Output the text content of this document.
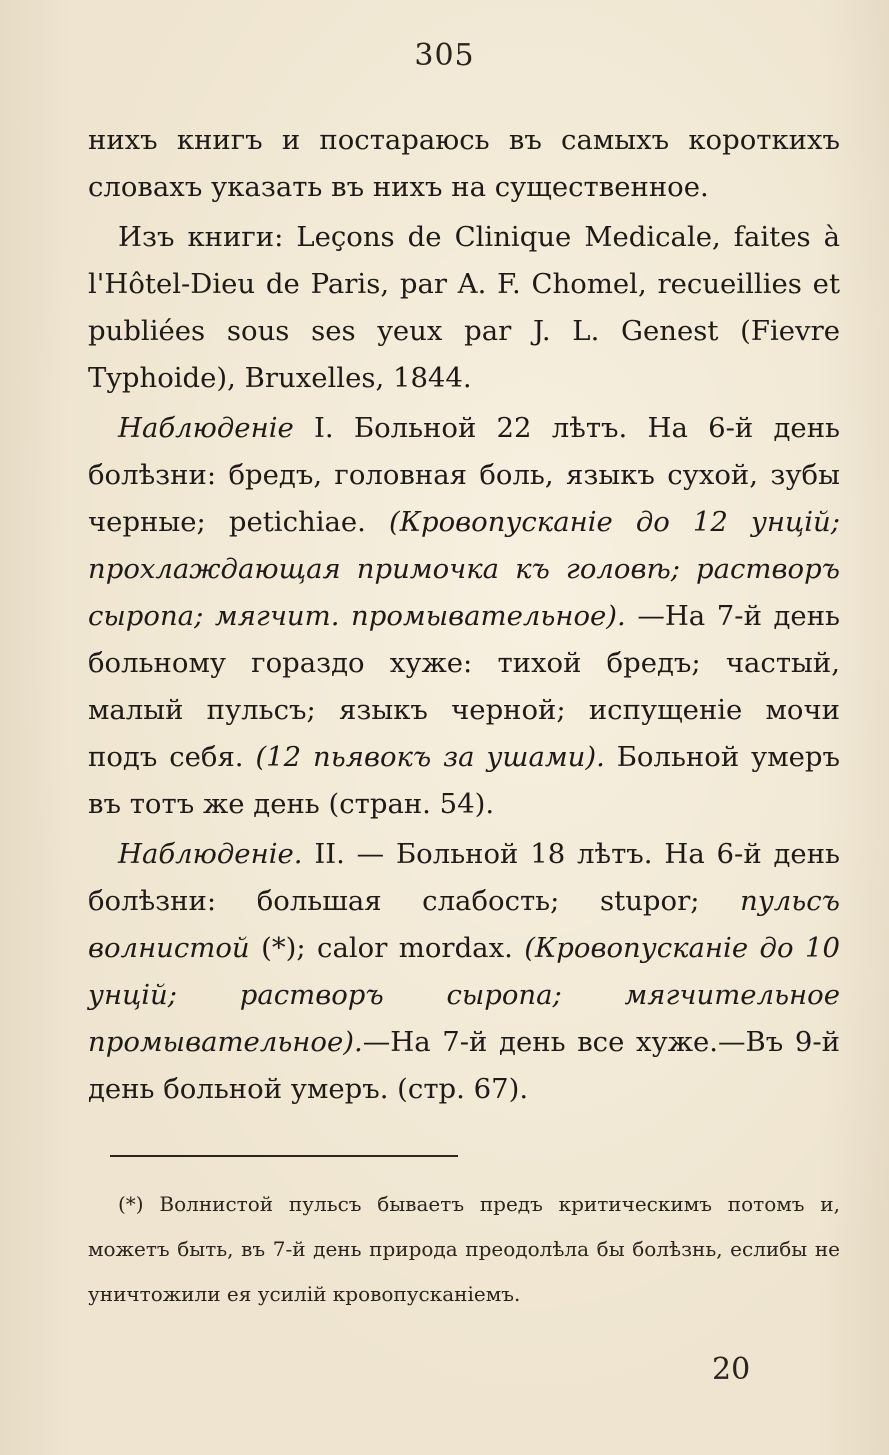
305

нихъ книгъ и постараюсь въ самыхъ короткихъ словахъ указать въ нихъ на существенное.

Изъ книги: Leçons de Clinique Medicale, faites à l'Hôtel-Dieu de Paris, par A. F. Chomel, recueillies et publiées sous ses yeux par J. L. Genest (Fievre Typhoide), Bruxelles, 1844.

Наблюденіе I. Больной 22 лѣтъ. На 6-й день болѣзни: бредъ, головная боль, языкъ сухой, зубы черные; petichiae. (Кровопусканіе до 12 унцій; прохлаждающая примочка къ головѣ; растворъ сыропа; мягчит. промывательное). —На 7-й день больному гораздо хуже: тихой бредъ; частый, малый пульсъ; языкъ черной; испущеніе мочи подъ себя. (12 пьявокъ за ушами). Больной умеръ въ тотъ же день (стран. 54).

Наблюденіе. II. — Больной 18 лѣтъ. На 6-й день болѣзни: большая слабость; stupor; пульсъ волнистой (*); calor mordax. (Кровопусканіе до 10 унцій; растворъ сыропа; мягчительное промывательное).—На 7-й день все хуже.—Въ 9-й день больной умеръ. (стр. 67).

(*) Волнистой пульсъ бываетъ предъ критическимъ потомъ и, можетъ быть, въ 7-й день природа преодолѣла бы болѣзнь, еслибы не уничтожили ея усилій кровопусканіемъ.

20
